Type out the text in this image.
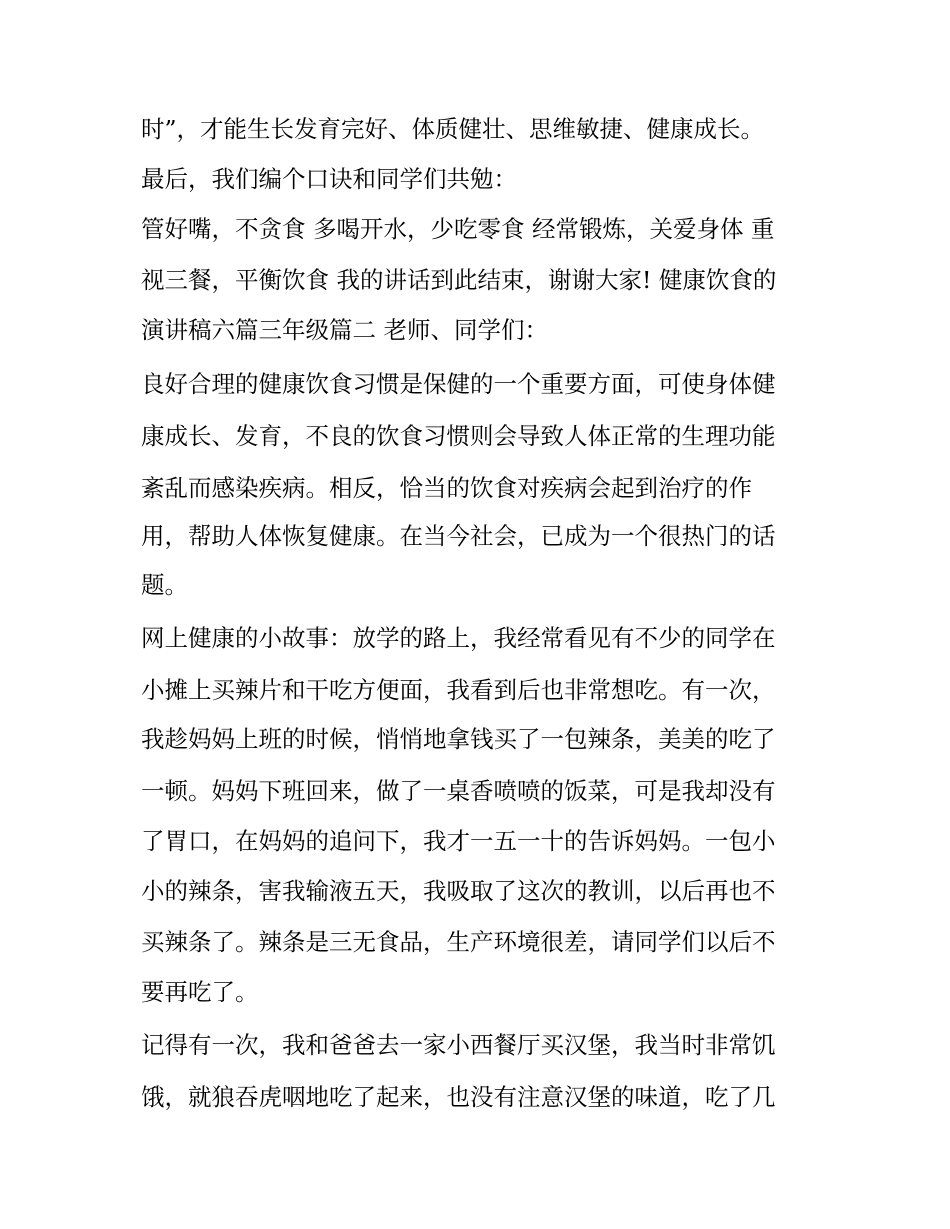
时”，才能生长发育完好、体质健壮、思维敏捷、健康成长。
最后，我们编个口诀和同学们共勉：
管好嘴，不贪食 多喝开水，少吃零食 经常锻炼，关爱身体 重
视三餐，平衡饮食 我的讲话到此结束，谢谢大家! 健康饮食的
演讲稿六篇三年级篇二 老师、同学们：
良好合理的健康饮食习惯是保健的一个重要方面，可使身体健
康成长、发育，不良的饮食习惯则会导致人体正常的生理功能
紊乱而感染疾病。相反，恰当的饮食对疾病会起到治疗的作
用，帮助人体恢复健康。在当今社会，已成为一个很热门的话
题。
网上健康的小故事：放学的路上，我经常看见有不少的同学在
小摊上买辣片和干吃方便面，我看到后也非常想吃。有一次，
我趁妈妈上班的时候，悄悄地拿钱买了一包辣条，美美的吃了
一顿。妈妈下班回来，做了一桌香喷喷的饭菜，可是我却没有
了胃口，在妈妈的追问下，我才一五一十的告诉妈妈。一包小
小的辣条，害我输液五天，我吸取了这次的教训，以后再也不
买辣条了。辣条是三无食品，生产环境很差，请同学们以后不
要再吃了。
记得有一次，我和爸爸去一家小西餐厅买汉堡，我当时非常饥
饿，就狼吞虎咽地吃了起来，也没有注意汉堡的味道，吃了几
